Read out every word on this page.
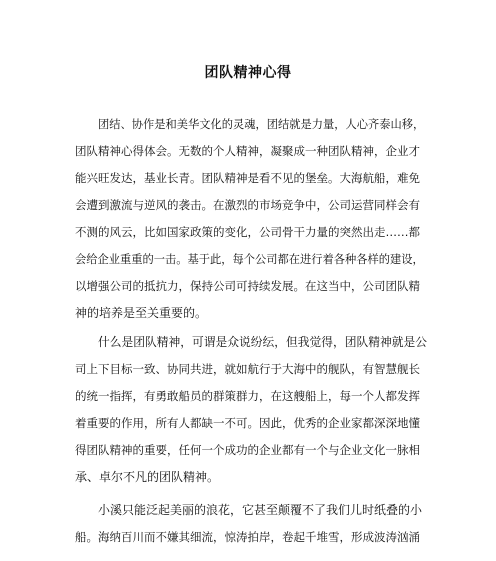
团队精神心得
团结、协作是和美华文化的灵魂，团结就是力量，人心齐泰山移，
团队精神心得体会。无数的个人精神，凝聚成一种团队精神，企业才
能兴旺发达，基业长青。团队精神是看不见的堡垒。大海航船，难免
会遭到激流与逆风的袭击。在激烈的市场竞争中，公司运营同样会有
不测的风云，比如国家政策的变化，公司骨干力量的突然出走……都
会给企业重重的一击。基于此，每个公司都在进行着各种各样的建设，
以增强公司的抵抗力，保持公司可持续发展。在这当中，公司团队精
神的培养是至关重要的。
什么是团队精神，可谓是众说纷纭，但我觉得，团队精神就是公
司上下目标一致、协同共进，就如航行于大海中的舰队，有智慧舰长
的统一指挥，有勇敢船员的群策群力，在这艘船上，每一个人都发挥
着重要的作用，所有人都缺一不可。因此，优秀的企业家都深深地懂
得团队精神的重要，任何一个成功的企业都有一个与企业文化一脉相
承、卓尔不凡的团队精神。
小溪只能泛起美丽的浪花，它甚至颠覆不了我们儿时纸叠的小
船。海纳百川而不嫌其细流，惊涛拍岸，卷起千堆雪，形成波涛汹涌
